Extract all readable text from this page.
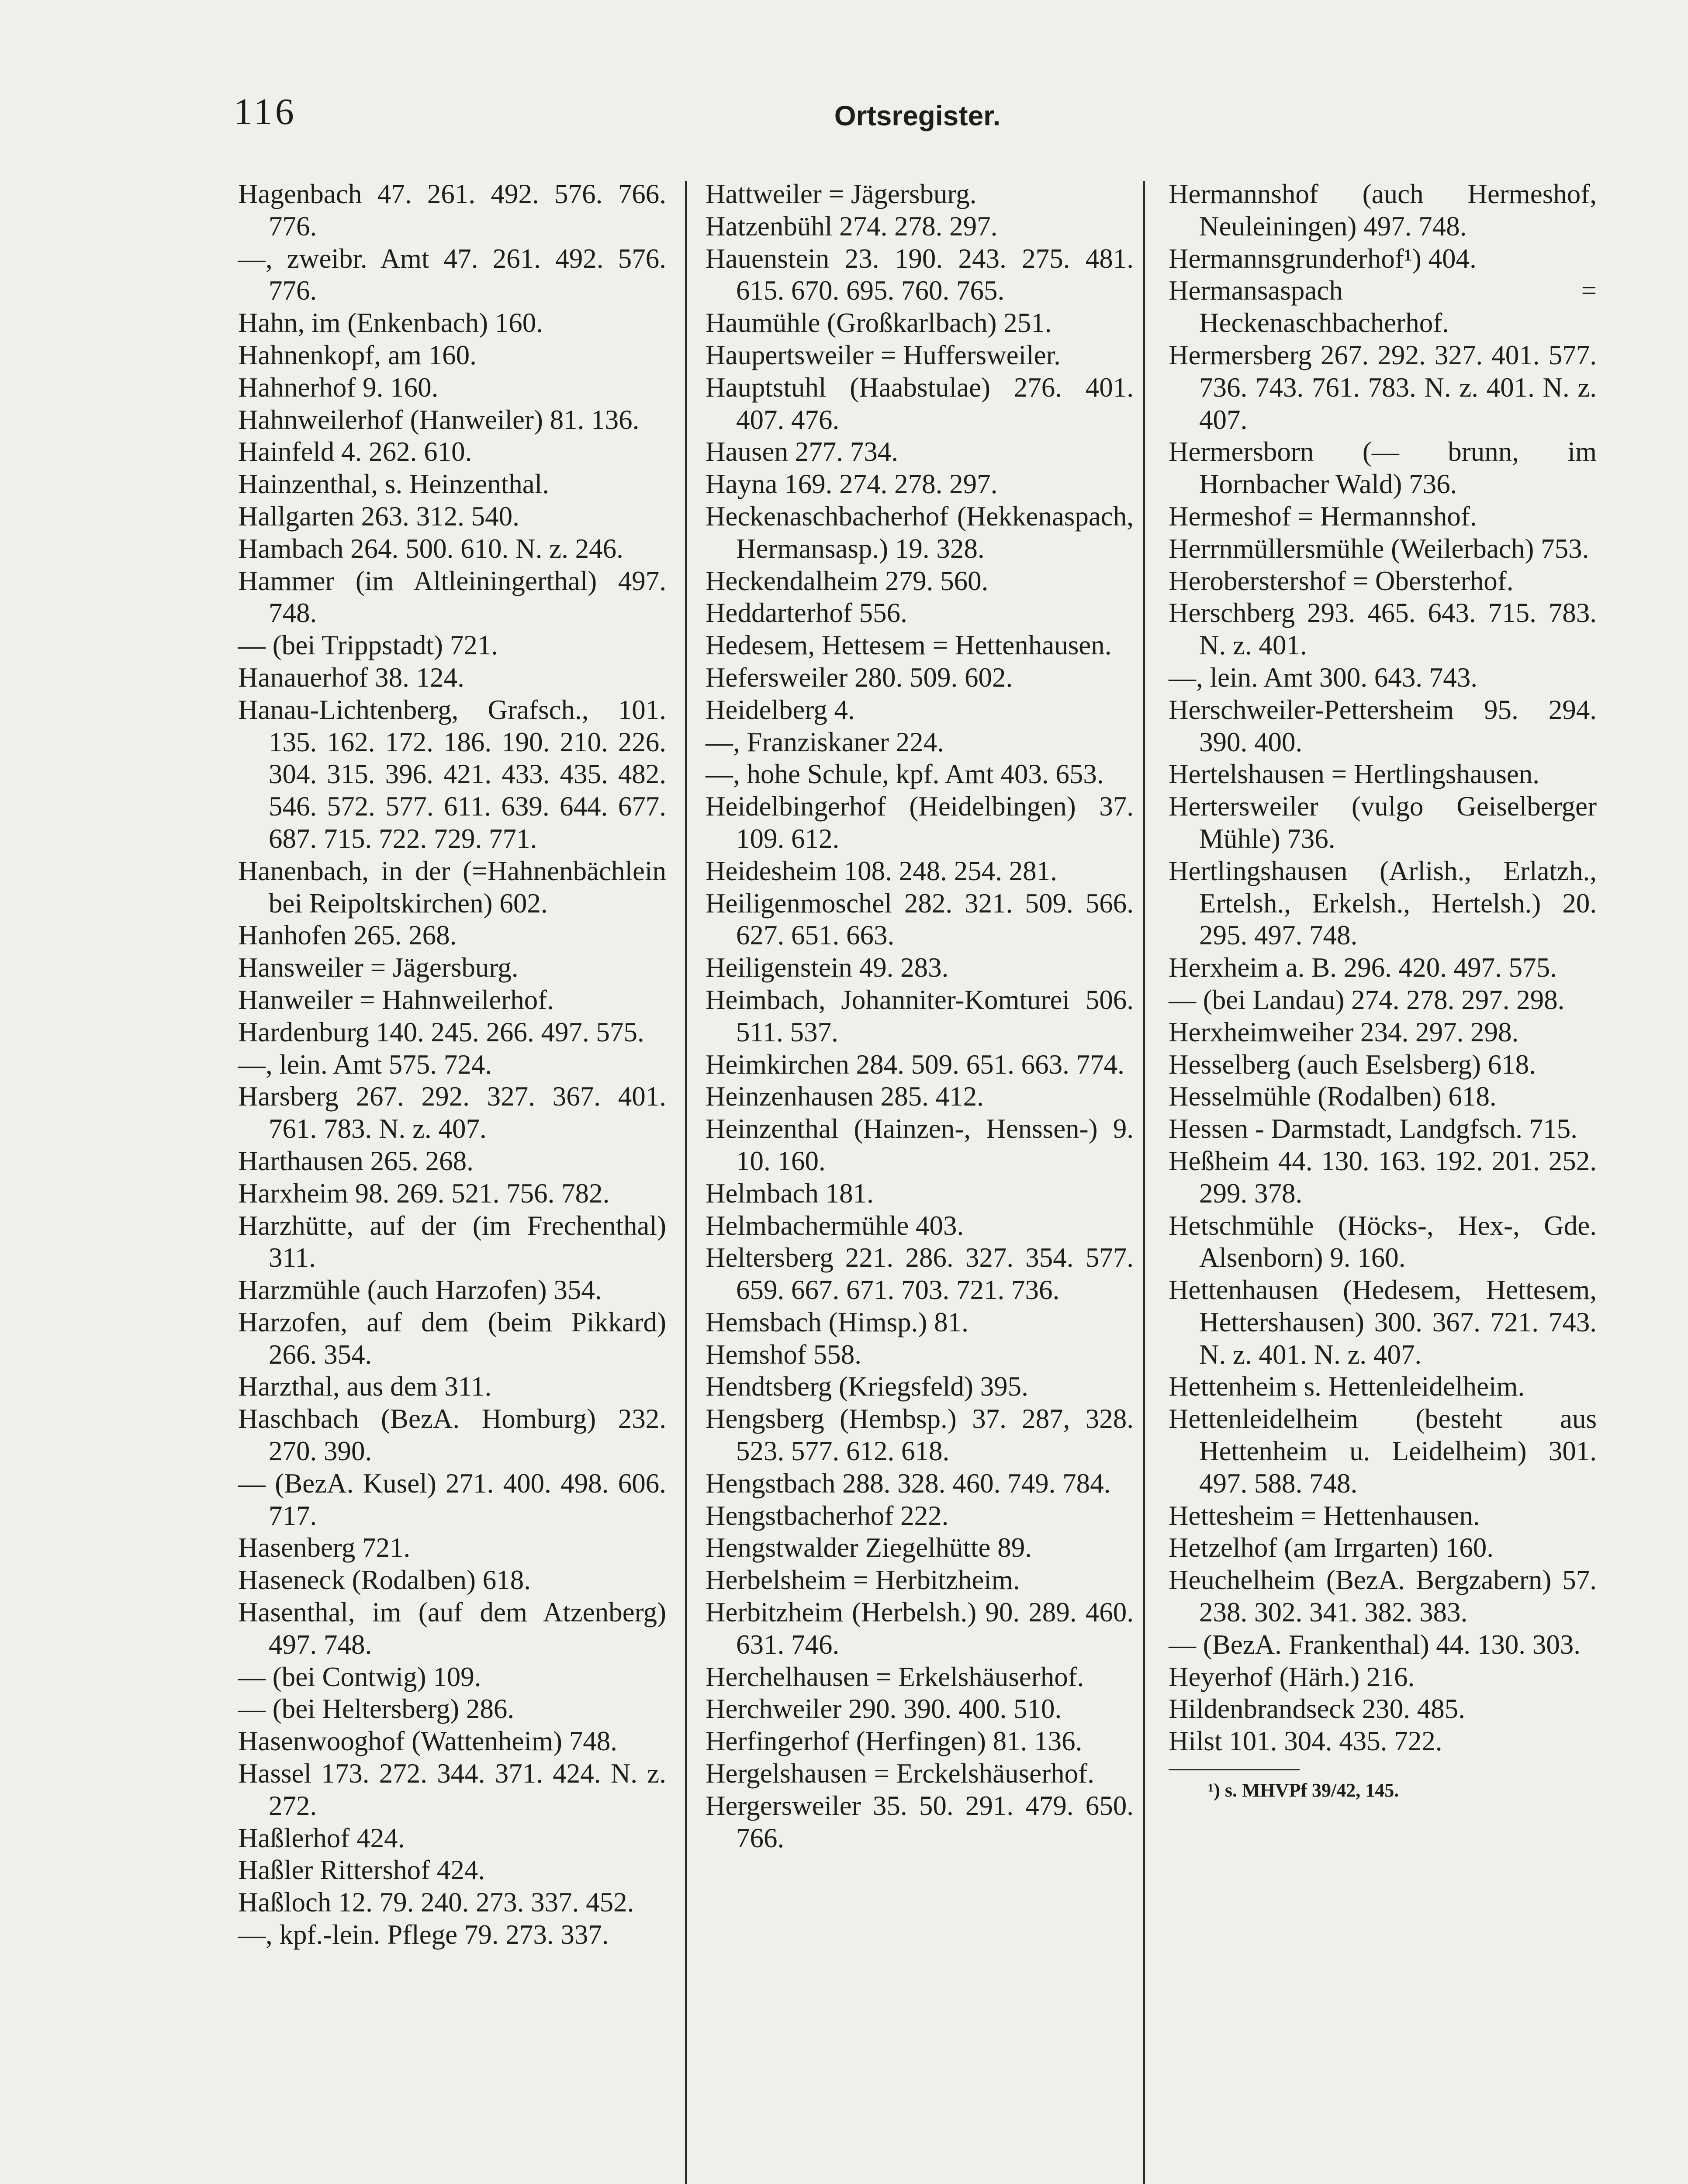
116	Ortsregister.

Hagenbach 47. 261. 492. 576. 766. 776.

—, zweibr. Amt 47. 261. 492. 576. 776.

Hahn, im (Enkenbach) 160.

Hahnenkopf, am 160.

Hahnerhof 9. 160.

Hahnweilerhof (Hanweiler) 81. 136.

Hainfeld 4. 262. 610.

Hainzenthal, s. Heinzenthal.

Hallgarten 263. 312. 540.

Hambach 264. 500. 610. N. z. 246.

Hammer (im Altleiningerthal) 497. 748.

— (bei Trippstadt) 721.

Hanauerhof 38. 124.

Hanau-Lichtenberg, Grafsch., 101. 135. 162. 172. 186. 190. 210. 226. 304. 315. 396. 421. 433. 435. 482. 546. 572. 577. 611. 639. 644. 677. 687. 715. 722. 729. 771.

Hanenbach, in der (=Hahnenbächlein bei Reipoltskirchen) 602.

Hanhofen 265. 268.

Hansweiler = Jägersburg.

Hanweiler = Hahnweilerhof.

Hardenburg 140. 245. 266. 497. 575.

—, lein. Amt 575. 724.

Harsberg 267. 292. 327. 367. 401. 761. 783. N. z. 407.

Harthausen 265. 268.

Harxheim 98. 269. 521. 756. 782.

Harzhütte, auf der (im Frechenthal) 311.

Harzmühle (auch Harzofen) 354.

Harzofen, auf dem (beim Pikkard) 266. 354.

Harzthal, aus dem 311.

Haschbach (BezA. Homburg) 232. 270. 390.

— (BezA. Kusel) 271. 400. 498. 606. 717.

Hasenberg 721.

Haseneck (Rodalben) 618.

Hasenthal, im (auf dem Atzenberg) 497. 748.

— (bei Contwig) 109.

— (bei Heltersberg) 286.

Hasenwooghof (Wattenheim) 748.

Hassel 173. 272. 344. 371. 424. N. z. 272.

Haßlerhof 424.

Haßler Rittershof 424.

Haßloch 12. 79. 240. 273. 337. 452.

—, kpf.-lein. Pflege 79. 273. 337.

Hattweiler = Jägersburg.

Hatzenbühl 274. 278. 297.

Hauenstein 23. 190. 243. 275. 481. 615. 670. 695. 760. 765.

Haumühle (Großkarlbach) 251.

Haupertsweiler = Huffersweiler.

Hauptstuhl (Haabstulae) 276. 401. 407. 476.

Hausen 277. 734.

Hayna 169. 274. 278. 297.

Heckenaschbacherhof (Hekkenaspach, Hermansasp.) 19. 328.

Heckendalheim 279. 560.

Heddarterhof 556.

Hedesem, Hettesem = Hettenhausen.

Hefersweiler 280. 509. 602.

Heidelberg 4.

—, Franziskaner 224.

—, hohe Schule, kpf. Amt 403. 653.

Heidelbingerhof (Heidelbingen) 37. 109. 612.

Heidesheim 108. 248. 254. 281.

Heiligenmoschel 282. 321. 509. 566. 627. 651. 663.

Heiligenstein 49. 283.

Heimbach, Johanniter-Komturei 506. 511. 537.

Heimkirchen 284. 509. 651. 663. 774.

Heinzenhausen 285. 412.

Heinzenthal (Hainzen-, Henssen-) 9. 10. 160.

Helmbach 181.

Helmbachermühle 403.

Heltersberg 221. 286. 327. 354. 577. 659. 667. 671. 703. 721. 736.

Hemsbach (Himsp.) 81.

Hemshof 558.

Hendtsberg (Kriegsfeld) 395.

Hengsberg (Hembsp.) 37. 287, 328. 523. 577. 612. 618.

Hengstbach 288. 328. 460. 749. 784.

Hengstbacherhof 222.

Hengstwalder Ziegelhütte 89.

Herbelsheim = Herbitzheim.

Herbitzheim (Herbelsh.) 90. 289. 460. 631. 746.

Herchelhausen = Erkelshäuserhof.

Herchweiler 290. 390. 400. 510.

Herfingerhof (Herfingen) 81. 136.

Hergelshausen = Erckelshäuserhof.

Hergersweiler 35. 50. 291. 479. 650. 766.

Hermannshof (auch Hermeshof, Neuleiningen) 497. 748.

Hermannsgrunderhof¹) 404.

Hermansaspach = Heckenaschbacherhof.

Hermersberg 267. 292. 327. 401. 577. 736. 743. 761. 783. N. z. 401. N. z. 407.

Hermersborn (— brunn, im Hornbacher Wald) 736.

Hermeshof = Hermannshof.

Herrnmüllersmühle (Weilerbach) 753.

Heroberstershof = Obersterhof.

Herschberg 293. 465. 643. 715. 783. N. z. 401.

—, lein. Amt 300. 643. 743.

Herschweiler-Pettersheim 95. 294. 390. 400.

Hertelshausen = Hertlingshausen.

Hertersweiler (vulgo Geiselberger Mühle) 736.

Hertlingshausen (Arlish., Erlatzh., Ertelsh., Erkelsh., Hertelsh.) 20. 295. 497. 748.

Herxheim a. B. 296. 420. 497. 575.

— (bei Landau) 274. 278. 297. 298.

Herxheimweiher 234. 297. 298.

Hesselberg (auch Eselsberg) 618.

Hesselmühle (Rodalben) 618.

Hessen - Darmstadt, Landgfsch. 715.

Heßheim 44. 130. 163. 192. 201. 252. 299. 378.

Hetschmühle (Höcks-, Hex-, Gde. Alsenborn) 9. 160.

Hettenhausen (Hedesem, Hettesem, Hettershausen) 300. 367. 721. 743. N. z. 401. N. z. 407.

Hettenheim s. Hettenleidelheim.

Hettenleidelheim (besteht aus Hettenheim u. Leidelheim) 301. 497. 588. 748.

Hettesheim = Hettenhausen.

Hetzelhof (am Irrgarten) 160.

Heuchelheim (BezA. Bergzabern) 57. 238. 302. 341. 382. 383.

— (BezA. Frankenthal) 44. 130. 303.

Heyerhof (Härh.) 216.

Hildenbrandseck 230. 485.

Hilst 101. 304. 435. 722.

¹) s. MHVPf 39/42, 145.
